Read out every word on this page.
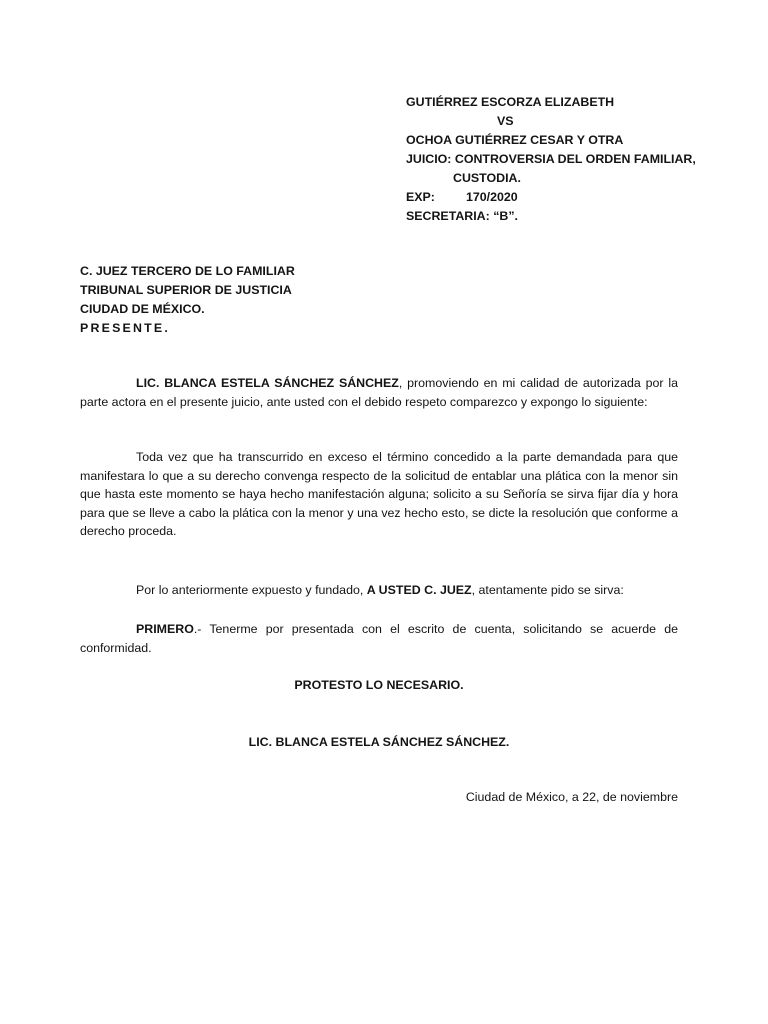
GUTIÉRREZ ESCORZA ELIZABETH
VS
OCHOA GUTIÉRREZ CESAR Y OTRA
JUICIO: CONTROVERSIA DEL ORDEN FAMILIAR,
CUSTODIA.
EXP:	170/2020
SECRETARIA: “B”.
C. JUEZ TERCERO DE LO FAMILIAR
TRIBUNAL SUPERIOR DE JUSTICIA
CIUDAD DE MÉXICO.
PRESENTE.
LIC. BLANCA ESTELA SÁNCHEZ SÁNCHEZ, promoviendo en mi calidad de autorizada por la parte actora en el presente juicio, ante usted con el debido respeto comparezco y expongo lo siguiente:
Toda vez que ha transcurrido en exceso el término concedido a la parte demandada para que manifestara lo que a su derecho convenga respecto de la solicitud de entablar una plática con la menor sin que hasta este momento se haya hecho manifestación alguna; solicito a su Señoría se sirva fijar día y hora para que se lleve a cabo la plática con la menor y una vez hecho esto, se dicte la resolución que conforme a derecho proceda.
Por lo anteriormente expuesto y fundado, A USTED C. JUEZ, atentamente pido se sirva:
PRIMERO.- Tenerme por presentada con el escrito de cuenta, solicitando se acuerde de conformidad.
PROTESTO LO NECESARIO.
LIC. BLANCA ESTELA SÁNCHEZ SÁNCHEZ.
Ciudad de México, a 22, de noviembre
